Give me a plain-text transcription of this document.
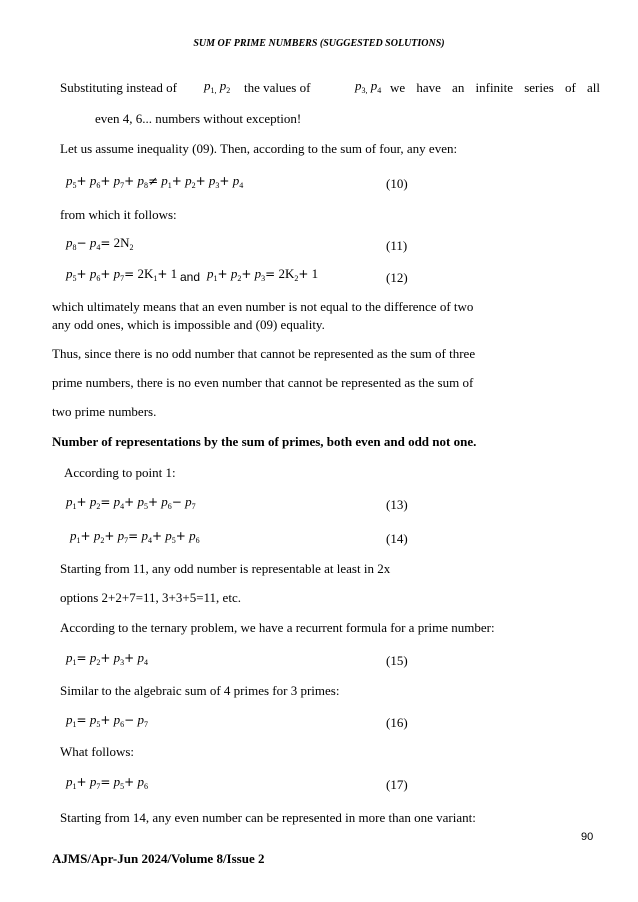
SUM OF PRIME NUMBERS (SUGGESTED SOLUTIONS)
Substituting instead of $p_{1,}$ $p_2$ the values of	$p_{3,}$ $p_4$ we have an infinite series of all
even 4, 6... numbers without exception!
Let us assume inequality (09). Then, according to the sum of four, any even:
$p_5+ p_6+ p_7+ p_8\ne p_1+ p_2+ p_3+ p_4$	(10)
from which it follows:
$p_8- p_4= 2N_2$	(11)
$p_5+ p_6+ p_7= 2K_1+ 1$ and $p_1+ p_2+ p_3= 2K_2+ 1$	(12)
which ultimately means that an even number is not equal to the difference of two
any odd ones, which is impossible and (09) equality.
Thus, since there is no odd number that cannot be represented as the sum of three
prime numbers, there is no even number that cannot be represented as the sum of
two prime numbers.
Number of representations by the sum of primes, both even and odd not one.
According to point 1:
$p_1+ p_2= p_4+ p_5+ p_6- p_7$	(13)
$p_1+ p_2+ p_7= p_4+ p_5+ p_6$	(14)
Starting from 11, any odd number is representable at least in 2x
options 2+2+7=11, 3+3+5=11, etc.
According to the ternary problem, we have a recurrent formula for a prime number:
$p_1= p_2+ p_3+ p_4$	(15)
Similar to the algebraic sum of 4 primes for 3 primes:
$p_1= p_5+ p_6- p_7$	(16)
What follows:
$p_1+ p_7= p_5+ p_6$	(17)
Starting from 14, any even number can be represented in more than one variant:
90
AJMS/Apr-Jun 2024/Volume 8/Issue 2
